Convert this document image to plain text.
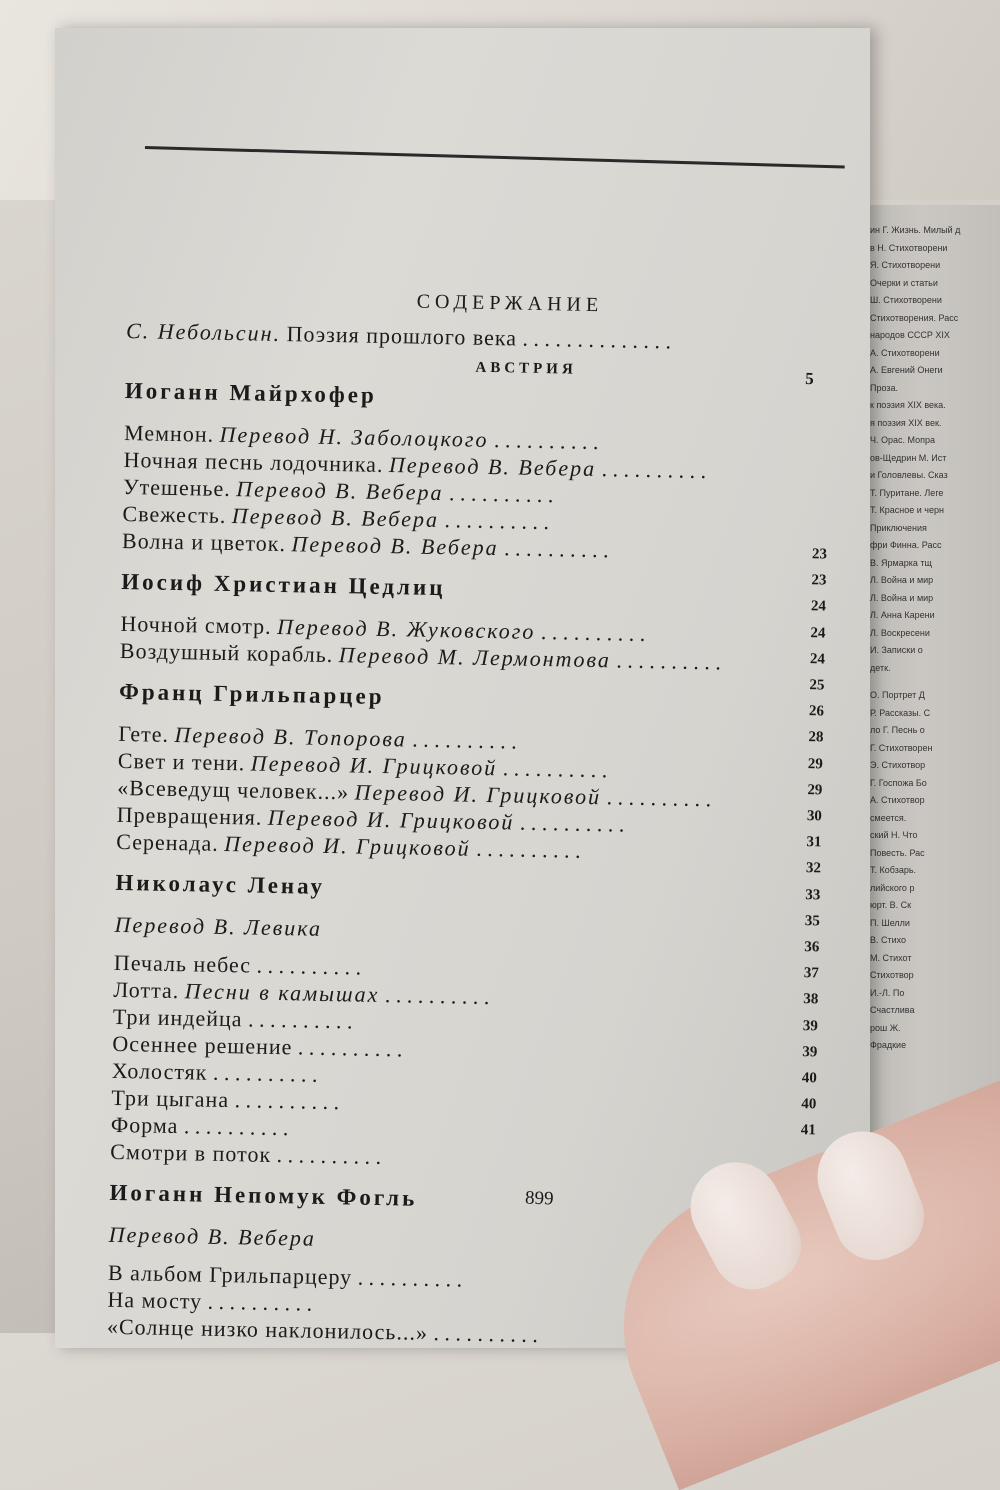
ин Г. Жизнь. Милый д
в Н. Стихотворени
Я. Стихотворени
Очерки и статьи
Ш. Стихотворени
Стихотворения. Расс
народов СССР XIX
А. Стихотворени
А. Евгений Онеги
Проза.
к поэзия XIX века.
я поэзия XIX век.
Ч. Орас. Мопра
ов-Щедрин М. Ист
и Головлевы. Сказ
Т. Пуритане. Леге
Т. Красное и черн
Приключения
фри Финна. Расс
В. Ярмарка тщ
Л. Война и мир
Л. Война и мир
Л. Анна Карени
Л. Воскресени
И. Записки о
детк.
О. Портрет Д
Р. Рассказы. С
ло Г. Песнь о
Г. Стихотворен
Э. Стихотвор
Г. Госпожа Бо
А. Стихотвор
смеется.
ский Н. Что
Повесть. Рас
Т. Кобзарь.
лийского р
юрт. В. Ск
П. Шелли
В. Стихо
М. Стихот
Стихотвор
И.-Л. По
Счастлива
рош Ж.
Фрадкие
СОДЕРЖАНИЕ
С. Небольсин. Поэзия прошлого века . . . . . . . . . . . . . .
5
АВСТРИЯ
Иоганн Майрхофер
Мемнон. Перевод Н. Заболоцкого . . . . . . . . . .
Ночная песнь лодочника. Перевод В. Вебера . . . . . . . . . .
Утешенье. Перевод В. Вебера . . . . . . . . . .
Свежесть. Перевод В. Вебера . . . . . . . . . .
Волна и цветок. Перевод В. Вебера . . . . . . . . . .
Иосиф Христиан Цедлиц
Ночной смотр. Перевод В. Жуковского . . . . . . . . . .
Воздушный корабль. Перевод М. Лермонтова . . . . . . . . . .
Франц Грильпарцер
Гете. Перевод В. Топорова . . . . . . . . . .
Свет и тени. Перевод И. Грицковой . . . . . . . . . .
«Всеведущ человек...» Перевод И. Грицковой . . . . . . . . . .
Превращения. Перевод И. Грицковой . . . . . . . . . .
Серенада. Перевод И. Грицковой . . . . . . . . . .
Николаус Ленау
Перевод В. Левика
Печаль небес . . . . . . . . . .
Лотта. Песни в камышах . . . . . . . . . .
Три индейца . . . . . . . . . .
Осеннее решение . . . . . . . . . .
Холостяк . . . . . . . . . .
Три цыгана . . . . . . . . . .
Форма . . . . . . . . . .
Смотри в поток . . . . . . . . . .
Иоганн Непомук Фогль
Перевод В. Вебера
В альбом Грильпарцеру . . . . . . . . . .
На мосту . . . . . . . . . .
«Солнце низко наклонилось...» . . . . . . . . . .
23
23
24
24
24
25
26
28
29
29
30
31
32
33
35
36
37
38
39
39
40
40
41
899
